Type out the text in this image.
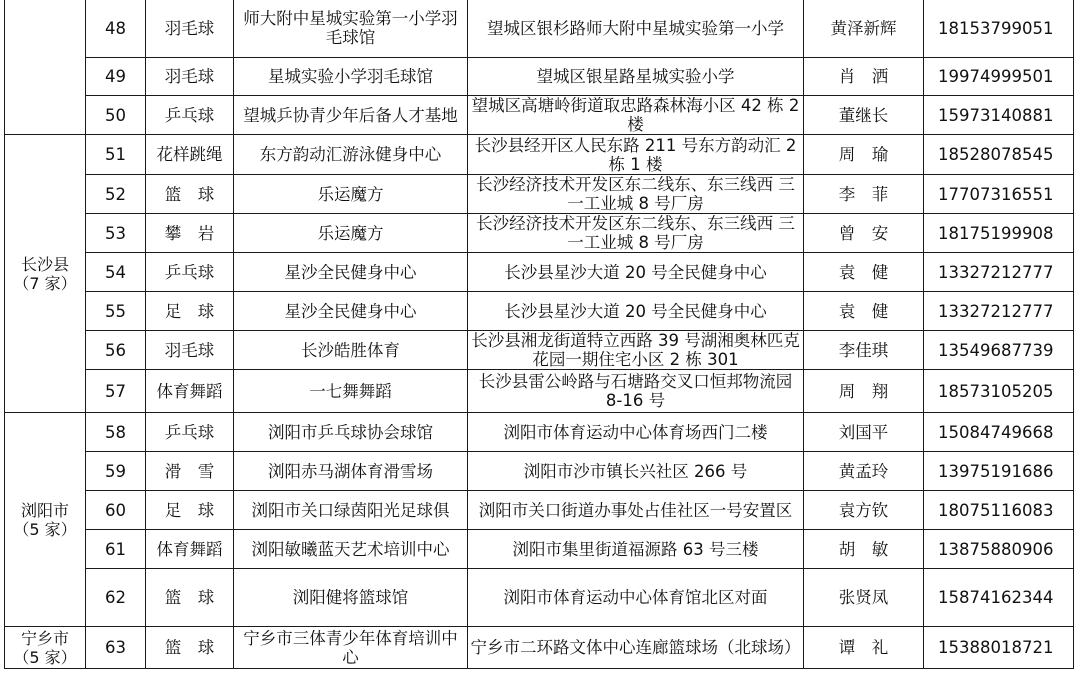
	48	羽毛球	师大附中星城实验第一小学羽毛球馆	望城区银杉路师大附中星城实验第一小学	黄泽新辉	18153799051
	49	羽毛球	星城实验小学羽毛球馆	望城区银星路星城实验小学	肖　洒	19974999501
	50	乒乓球	望城乒协青少年后备人才基地	望城区高塘岭街道取忠路森林海小区 42 栋 2 楼	董继长	15973140881
长沙县
（7 家）	51	花样跳绳	东方韵动汇游泳健身中心	长沙县经开区人民东路 211 号东方韵动汇 2 栋 1 楼	周　瑜	18528078545
	52	篮　球	乐运魔方	长沙经济技术开发区东二线东、东三线西 三一工业城 8 号厂房	李　菲	17707316551
	53	攀　岩	乐运魔方	长沙经济技术开发区东二线东、东三线西 三一工业城 8 号厂房	曾　安	18175199908
	54	乒乓球	星沙全民健身中心	长沙县星沙大道 20 号全民健身中心	袁　健	13327212777
	55	足　球	星沙全民健身中心	长沙县星沙大道 20 号全民健身中心	袁　健	13327212777
	56	羽毛球	长沙皓胜体育	长沙县湘龙街道特立西路 39 号湖湘奥林匹克花园一期住宅小区 2 栋 301	李佳琪	13549687739
	57	体育舞蹈	一七舞舞蹈	长沙县雷公岭路与石塘路交叉口恒邦物流园 8-16 号	周　翔	18573105205
浏阳市
（5 家）	58	乒乓球	浏阳市乒乓球协会球馆	浏阳市体育运动中心体育场西门二楼	刘国平	15084749668
	59	滑　雪	浏阳赤马湖体育滑雪场	浏阳市沙市镇长兴社区 266 号	黄孟玲	13975191686
	60	足　球	浏阳市关口绿茵阳光足球俱	浏阳市关口街道办事处占佳社区一号安置区	袁方钦	18075116083
	61	体育舞蹈	浏阳敏曦蓝天艺术培训中心	浏阳市集里街道福源路 63 号三楼	胡　敏	13875880906
	62	篮　球	浏阳健将篮球馆	浏阳市体育运动中心体育馆北区对面	张贤凤	15874162344
宁乡市
（5 家）	63	篮　球	宁乡市三体青少年体育培训中心	宁乡市二环路文体中心连廊篮球场（北球场）	谭　礼	15388018721
